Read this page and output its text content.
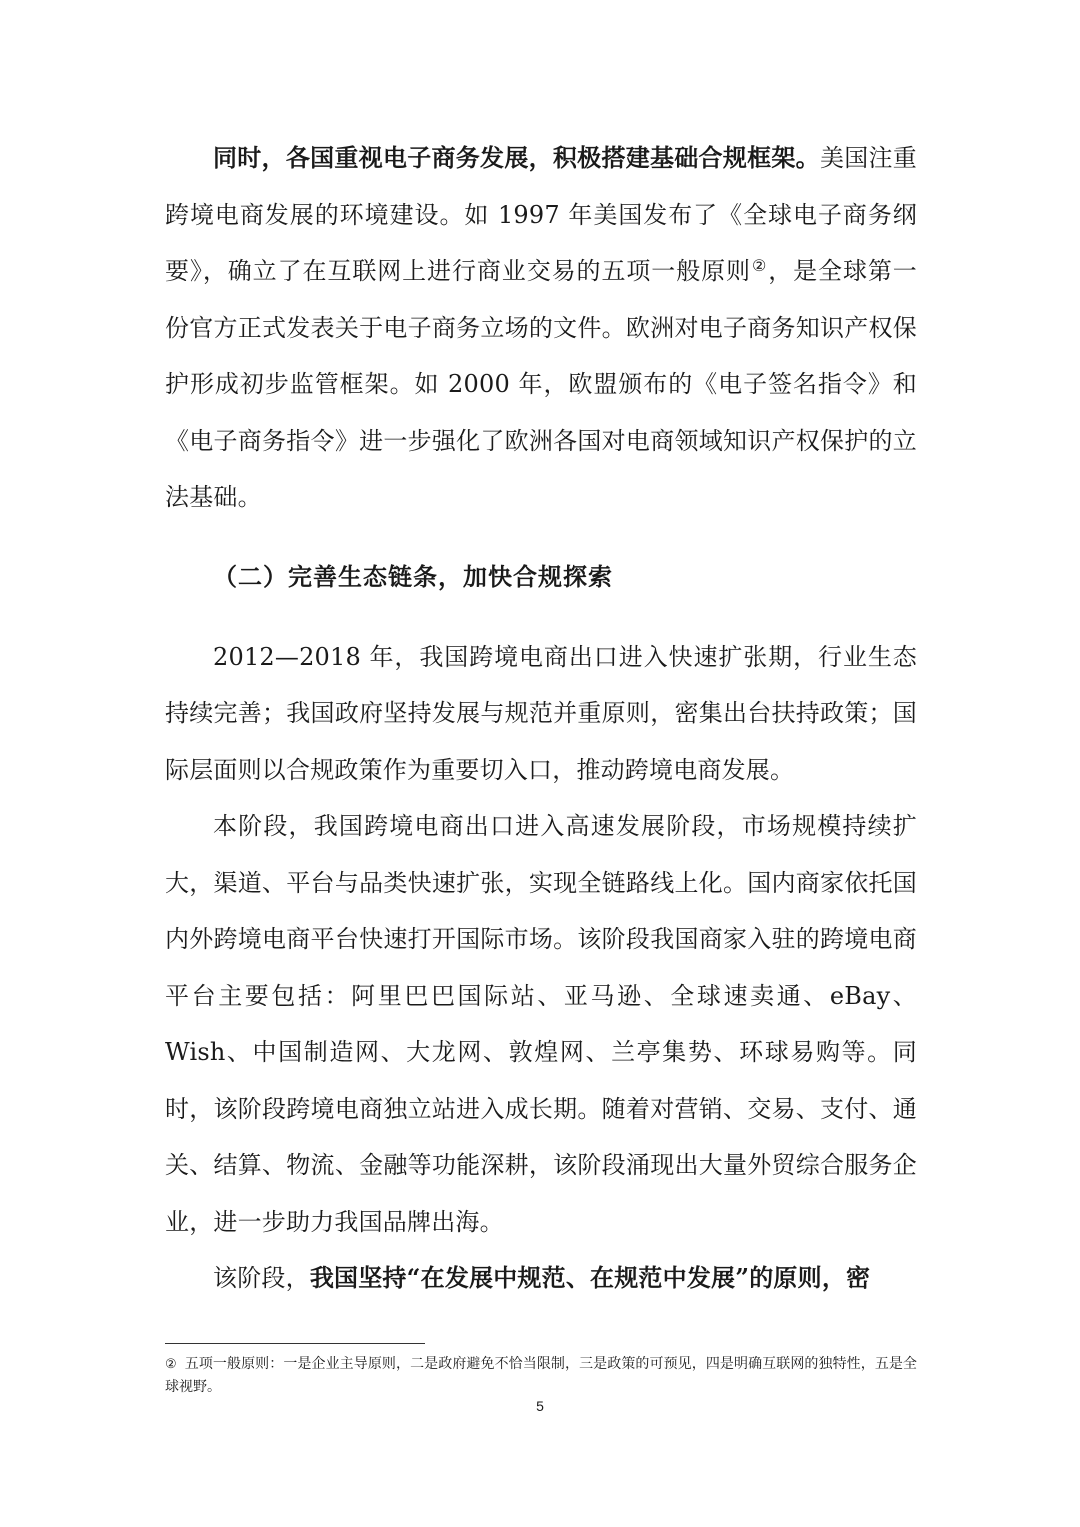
同时，各国重视电子商务发展，积极搭建基础合规框架。美国注重跨境电商发展的环境建设。如 1997 年美国发布了《全球电子商务纲要》，确立了在互联网上进行商业交易的五项一般原则②，是全球第一份官方正式发表关于电子商务立场的文件。欧洲对电子商务知识产权保护形成初步监管框架。如 2000 年，欧盟颁布的《电子签名指令》和《电子商务指令》进一步强化了欧洲各国对电商领域知识产权保护的立法基础。

（二）完善生态链条，加快合规探索

2012—2018 年，我国跨境电商出口进入快速扩张期，行业生态持续完善；我国政府坚持发展与规范并重原则，密集出台扶持政策；国际层面则以合规政策作为重要切入口，推动跨境电商发展。

本阶段，我国跨境电商出口进入高速发展阶段，市场规模持续扩大，渠道、平台与品类快速扩张，实现全链路线上化。国内商家依托国内外跨境电商平台快速打开国际市场。该阶段我国商家入驻的跨境电商平台主要包括：阿里巴巴国际站、亚马逊、全球速卖通、eBay、Wish、中国制造网、大龙网、敦煌网、兰亭集势、环球易购等。同时，该阶段跨境电商独立站进入成长期。随着对营销、交易、支付、通关、结算、物流、金融等功能深耕，该阶段涌现出大量外贸综合服务企业，进一步助力我国品牌出海。

该阶段，我国坚持“在发展中规范、在规范中发展”的原则，密

② 五项一般原则：一是企业主导原则，二是政府避免不恰当限制，三是政策的可预见，四是明确互联网的独特性，五是全球视野。
5
